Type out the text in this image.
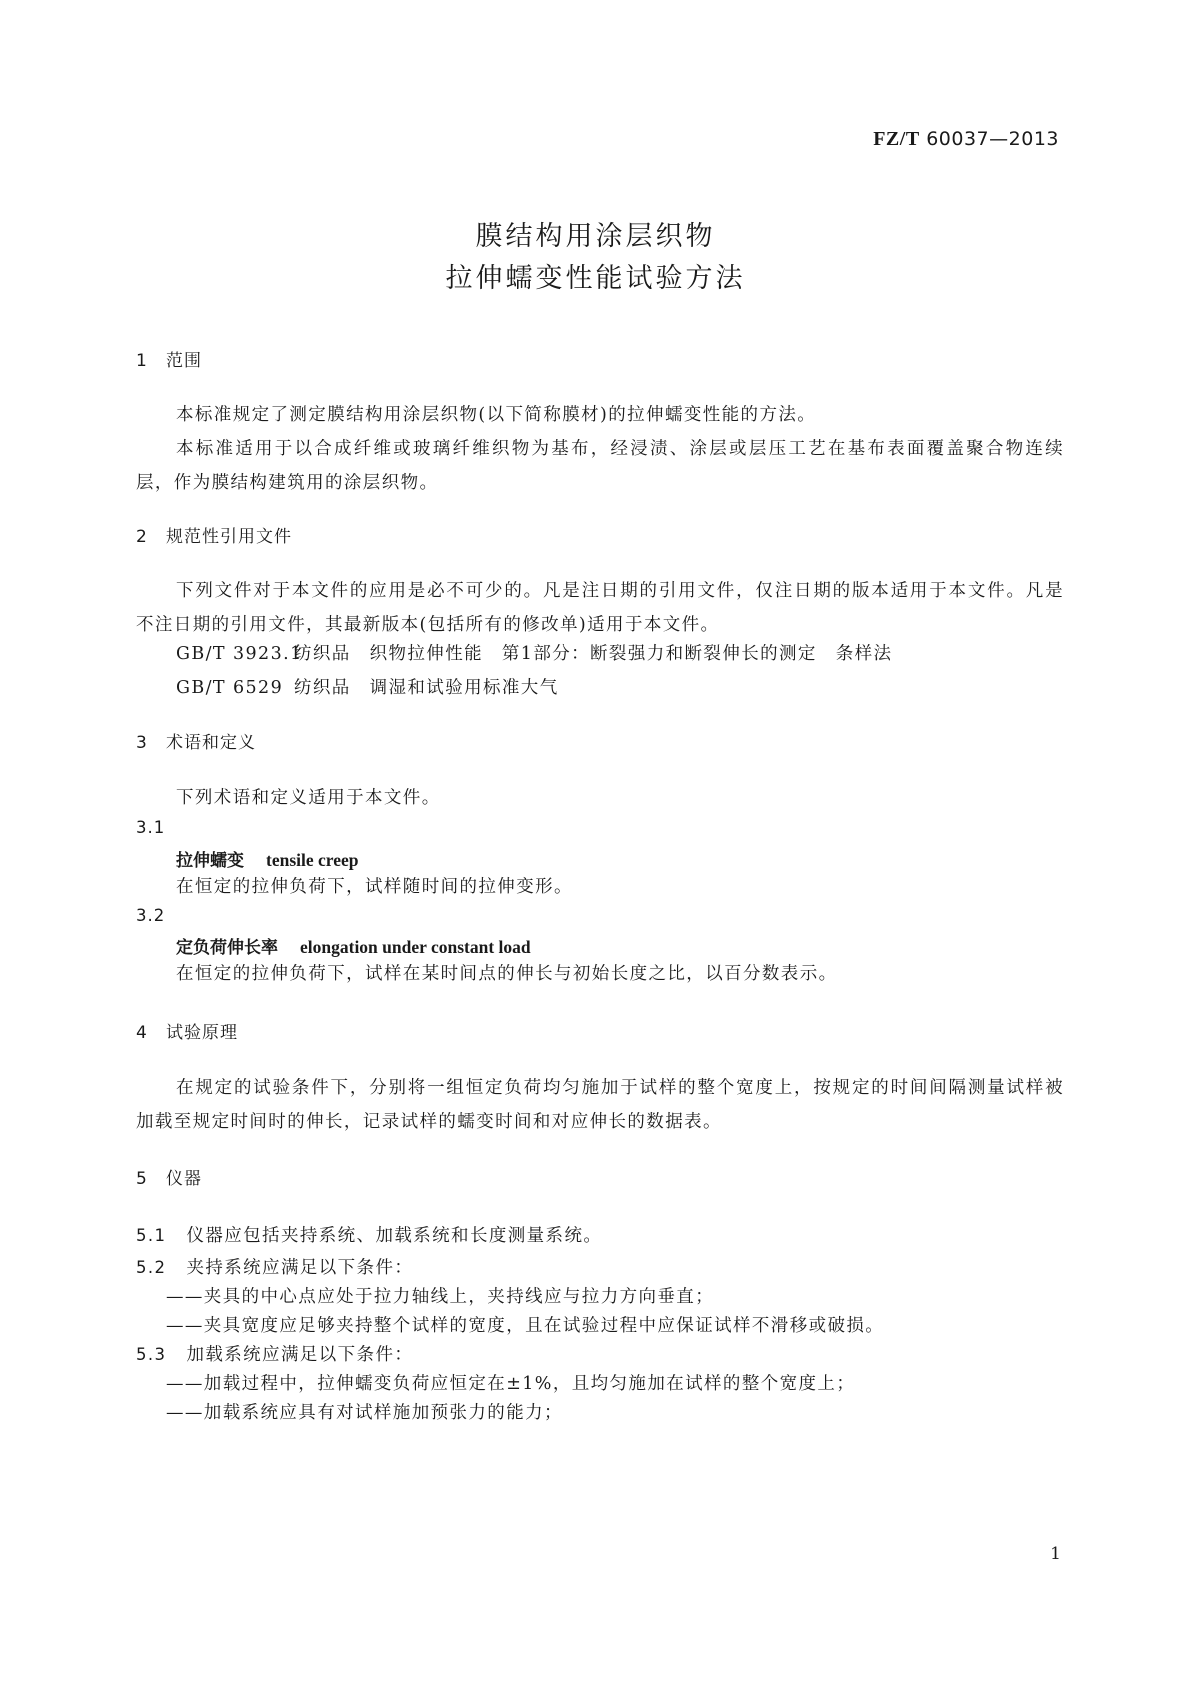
FZ/T 60037—2013
膜结构用涂层织物
拉伸蠕变性能试验方法
1 范围
本标准规定了测定膜结构用涂层织物(以下简称膜材)的拉伸蠕变性能的方法。
本标准适用于以合成纤维或玻璃纤维织物为基布，经浸渍、涂层或层压工艺在基布表面覆盖聚合物连续层，作为膜结构建筑用的涂层织物。
2 规范性引用文件
下列文件对于本文件的应用是必不可少的。凡是注日期的引用文件，仅注日期的版本适用于本文件。凡是不注日期的引用文件，其最新版本(包括所有的修改单)适用于本文件。
GB/T 3923.1纺织品　织物拉伸性能　第1部分：断裂强力和断裂伸长的测定　条样法
GB/T 6529 纺织品　调湿和试验用标准大气
3 术语和定义
下列术语和定义适用于本文件。
3.1
拉伸蠕变 tensile creep
在恒定的拉伸负荷下，试样随时间的拉伸变形。
3.2
定负荷伸长率 elongation under constant load
在恒定的拉伸负荷下，试样在某时间点的伸长与初始长度之比，以百分数表示。
4 试验原理
在规定的试验条件下，分别将一组恒定负荷均匀施加于试样的整个宽度上，按规定的时间间隔测量试样被加载至规定时间时的伸长，记录试样的蠕变时间和对应伸长的数据表。
5 仪器
5.1 仪器应包括夹持系统、加载系统和长度测量系统。
5.2 夹持系统应满足以下条件：
——夹具的中心点应处于拉力轴线上，夹持线应与拉力方向垂直；
——夹具宽度应足够夹持整个试样的宽度，且在试验过程中应保证试样不滑移或破损。
5.3 加载系统应满足以下条件：
——加载过程中，拉伸蠕变负荷应恒定在±1%，且均匀施加在试样的整个宽度上；
——加载系统应具有对试样施加预张力的能力；
1
